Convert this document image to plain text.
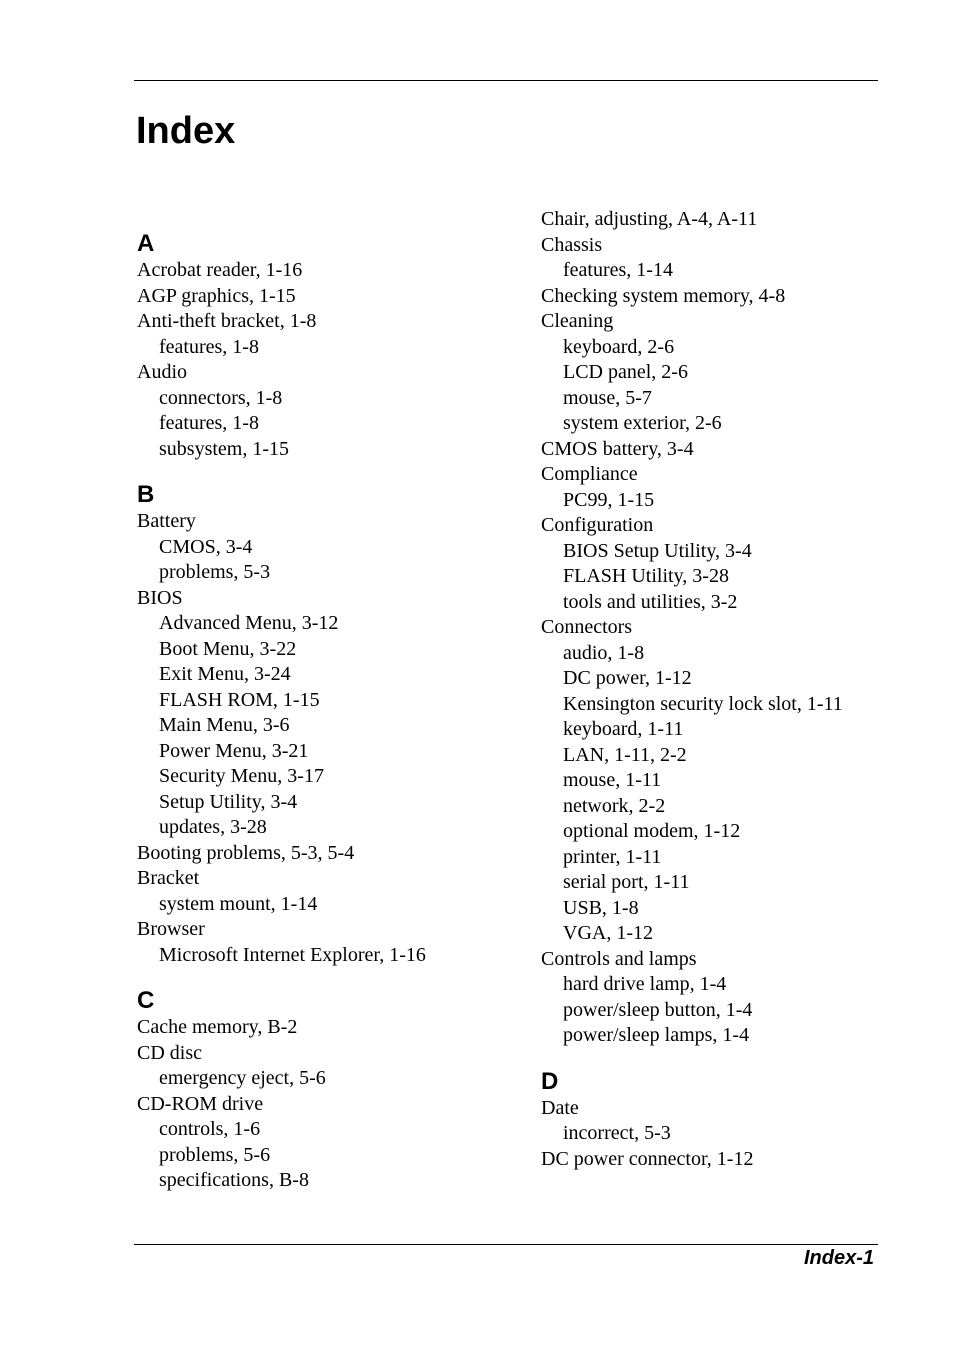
Index
A
Acrobat reader, 1-16
AGP graphics, 1-15
Anti-theft bracket, 1-8
features, 1-8
Audio
connectors, 1-8
features, 1-8
subsystem, 1-15
B
Battery
CMOS, 3-4
problems, 5-3
BIOS
Advanced Menu, 3-12
Boot Menu, 3-22
Exit Menu, 3-24
FLASH ROM, 1-15
Main Menu, 3-6
Power Menu, 3-21
Security Menu, 3-17
Setup Utility, 3-4
updates, 3-28
Booting problems, 5-3, 5-4
Bracket
system mount, 1-14
Browser
Microsoft Internet Explorer, 1-16
C
Cache memory, B-2
CD disc
emergency eject, 5-6
CD-ROM drive
controls, 1-6
problems, 5-6
specifications, B-8
Chair, adjusting, A-4, A-11
Chassis
features, 1-14
Checking system memory, 4-8
Cleaning
keyboard, 2-6
LCD panel, 2-6
mouse, 5-7
system exterior, 2-6
CMOS battery, 3-4
Compliance
PC99, 1-15
Configuration
BIOS Setup Utility, 3-4
FLASH Utility, 3-28
tools and utilities, 3-2
Connectors
audio, 1-8
DC power, 1-12
Kensington security lock slot, 1-11
keyboard, 1-11
LAN, 1-11, 2-2
mouse, 1-11
network, 2-2
optional modem, 1-12
printer, 1-11
serial port, 1-11
USB, 1-8
VGA, 1-12
Controls and lamps
hard drive lamp, 1-4
power/sleep button, 1-4
power/sleep lamps, 1-4
D
Date
incorrect, 5-3
DC power connector, 1-12
Index-1
